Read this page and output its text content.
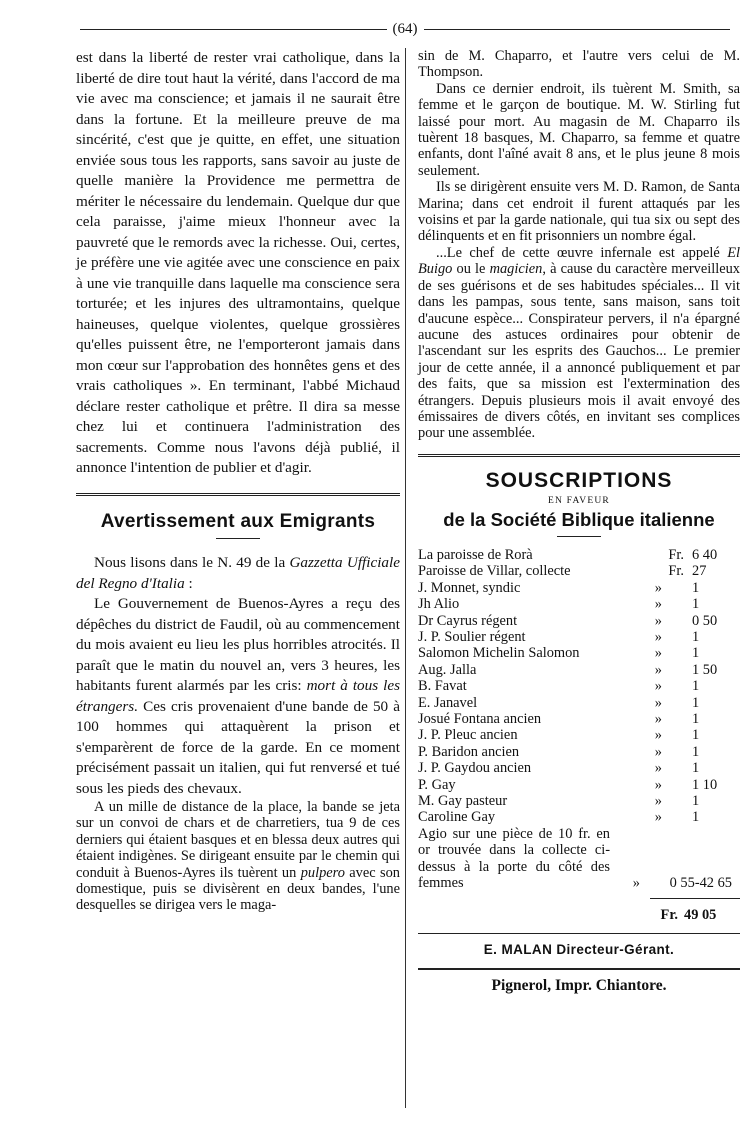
(64)

est dans la liberté de rester vrai catholique, dans la liberté de dire tout haut la vérité, dans l'accord de ma vie avec ma conscience; et jamais il ne saurait être dans la fortune. Et la meilleure preuve de ma sincérité, c'est que je quitte, en effet, une situation enviée sous tous les rapports, sans savoir au juste de quelle manière la Providence me permettra de mériter le nécessaire du lendemain. Quelque dur que cela paraisse, j'aime mieux l'honneur avec la pauvreté que le remords avec la richesse. Oui, certes, je préfère une vie agitée avec une conscience en paix à une vie tranquille dans laquelle ma conscience sera torturée; et les injures des ultramontains, quelque haineuses, quelque violentes, quelque grossières qu'elles puissent être, ne l'emporteront jamais dans mon cœur sur l'approbation des honnêtes gens et des vrais catholiques ». En terminant, l'abbé Michaud déclare rester catholique et prêtre. Il dira sa messe chez lui et continuera l'administration des sacrements. Comme nous l'avons déjà publié, il annonce l'intention de publier et d'agir.

Avertissement aux Emigrants

Nous lisons dans le N. 49 de la Gazzetta Ufficiale del Regno d'Italia :

Le Gouvernement de Buenos-Ayres a reçu des dépêches du district de Faudil, où au commencement du mois avaient eu lieu les plus horribles atrocités. Il paraît que le matin du nouvel an, vers 3 heures, les habitants furent alarmés par les cris: mort à tous les étrangers. Ces cris provenaient d'une bande de 50 à 100 hommes qui attaquèrent la prison et s'emparèrent de force de la garde. En ce moment précisément passait un italien, qui fut renversé et tué sous les pieds des chevaux.

A un mille de distance de la place, la bande se jeta sur un convoi de chars et de charretiers, tua 9 de ces derniers qui étaient basques et en blessa deux autres qui étaient indigènes. Se dirigeant ensuite par le chemin qui conduit à Buenos-Ayres ils tuèrent un pulpero avec son domestique, puis se divisèrent en deux bandes, l'une desquelles se dirigea vers le maga-

sin de M. Chaparro, et l'autre vers celui de M. Thompson.

Dans ce dernier endroit, ils tuèrent M. Smith, sa femme et le garçon de boutique. M. W. Stirling fut laissé pour mort. Au magasin de M. Chaparro ils tuèrent 18 basques, M. Chaparro, sa femme et quatre enfants, dont l'aîné avait 8 ans, et le plus jeune 8 mois seulement.

Ils se dirigèrent ensuite vers M. D. Ramon, de Santa Marina; dans cet endroit il furent attaqués par les voisins et par la garde nationale, qui tua six ou sept des délinquents et en fit prisonniers un nombre égal.

...Le chef de cette œuvre infernale est appelé El Buigo ou le magicien, à cause du caractère merveilleux de ses guérisons et de ses habitudes spéciales... Il vit dans les pampas, sous tente, sans maison, sans toit d'aucune espèce... Conspirateur pervers, il n'a épargné aucune des astuces ordinaires pour obtenir de l'ascendant sur les esprits des Gauchos... Le premier jour de cette année, il a annoncé publiquement et par des faits, que sa mission est l'extermination des étrangers. Depuis plusieurs mois il avait envoyé des émissaires de divers côtés, en invitant ses complices pour une assemblée.

SOUSCRIPTIONS
EN FAVEUR
de la Société Biblique italienne
La paroisse de Rorà	Fr. 6 40
Paroisse de Villar, collecte	Fr. 27
J. Monnet, syndic	»	1
Jh Alio	»	1
Dr Cayrus régent	»	0 50
J. P. Soulier régent	»	1
Salomon Michelin Salomon	»	1
Aug. Jalla	»	1 50
B. Favat	»	1
E. Janavel	»	1
Josué Fontana ancien	»	1
J. P. Pleuc ancien	»	1
P. Baridon ancien	»	1
J. P. Gaydou ancien	»	1
P. Gay	»	1 10
M. Gay pasteur	»	1
Caroline Gay	»	1
Agio sur une pièce de 10 fr. en or trouvée dans la collecte ci-dessus à la porte du côté des femmes	»	0 55-42 65
Fr. 49 05
E. MALAN Directeur-Gérant.
Pignerol, Impr. Chiantore.
